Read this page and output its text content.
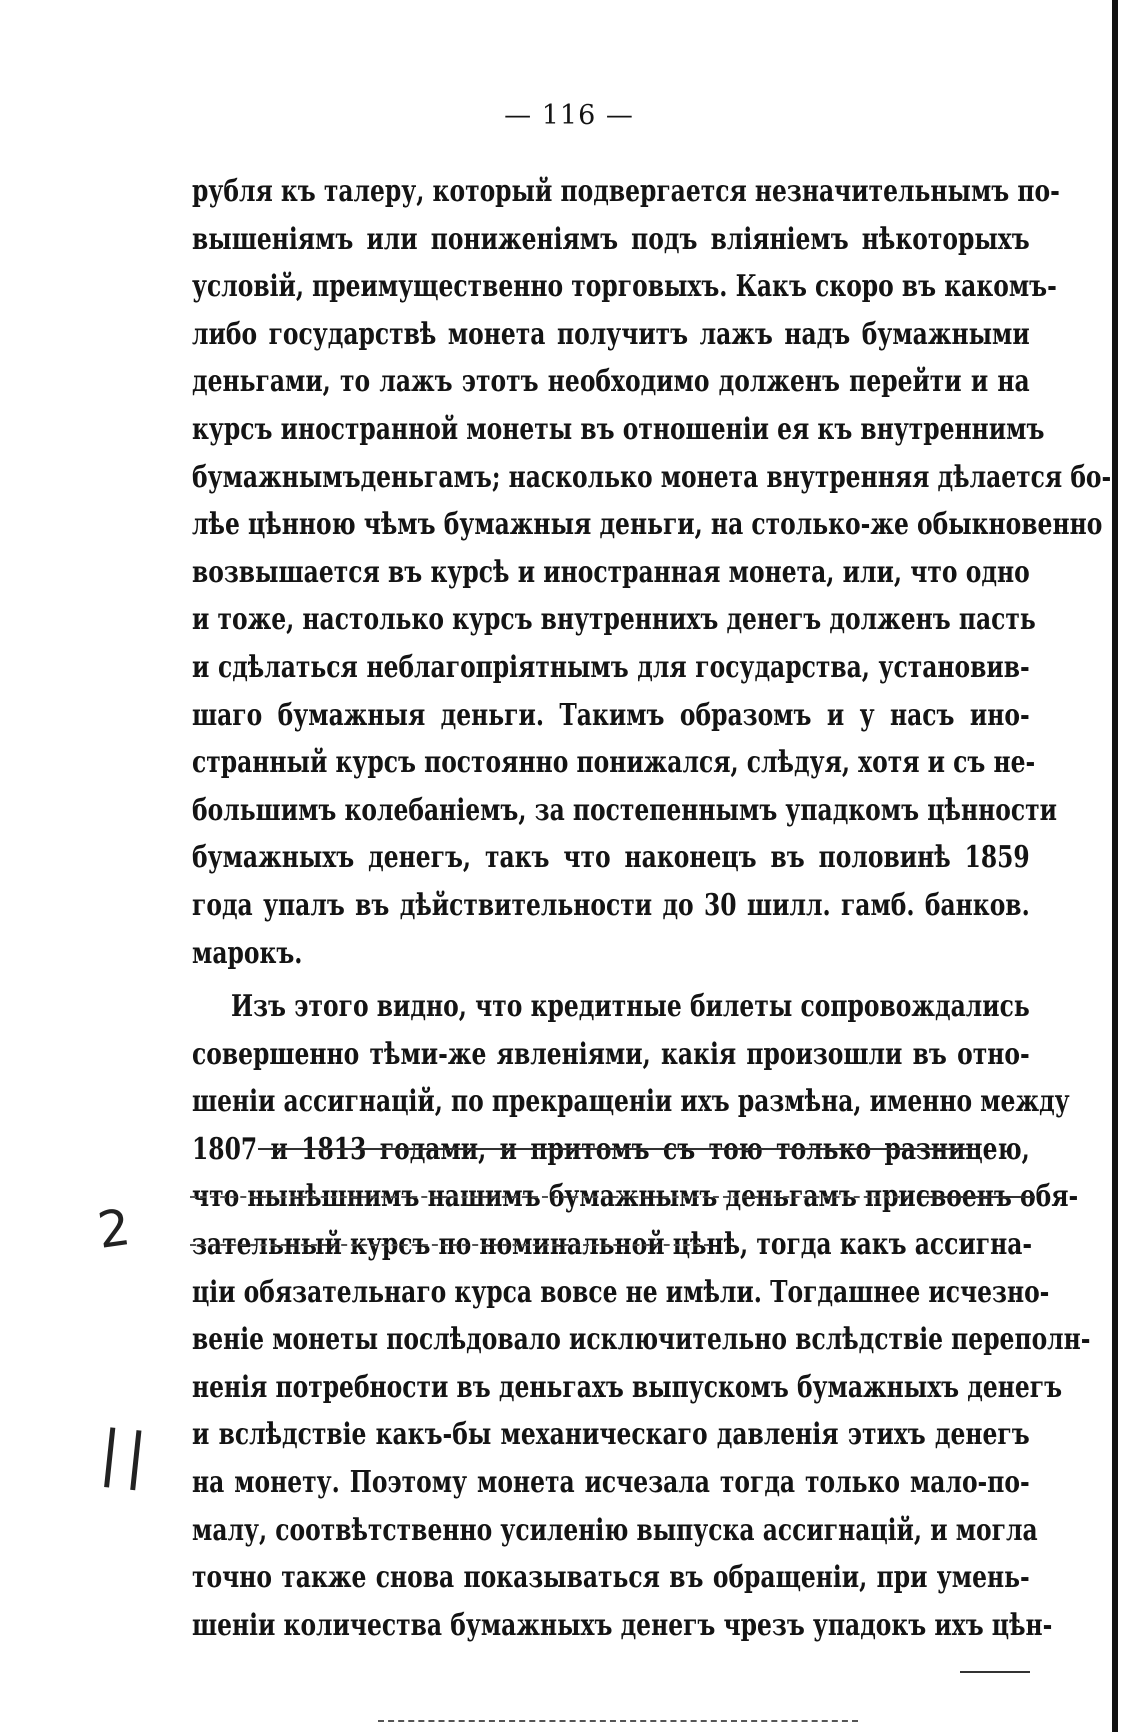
— 116 —
рубля къ талеру, который подвергается незначительнымъ по-
вышеніямъ или пониженіямъ подъ вліяніемъ нѣкоторыхъ
условій, преимущественно торговыхъ. Какъ скоро въ какомъ-
либо государствѣ монета получитъ лажъ надъ бумажными
деньгами, то лажъ этотъ необходимо долженъ перейти и на
курсъ иностранной монеты въ отношеніи ея къ внутреннимъ
бумажнымъденьгамъ; насколько монета внутренняя дѣлается бо-
лѣе цѣнною чѣмъ бумажныя деньги, на столько-же обыкновенно
возвышается въ курсѣ и иностранная монета, или, что одно
и тоже, настолько курсъ внутреннихъ денегъ долженъ пасть
и сдѣлаться неблагопріятнымъ для государства, установив-
шаго бумажныя деньги. Такимъ образомъ и у насъ ино-
странный курсъ постоянно понижался, слѣдуя, хотя и съ не-
большимъ колебаніемъ, за постепеннымъ упадкомъ цѣнности
бумажныхъ денегъ, такъ что наконецъ въ половинѣ 1859
года упалъ въ дѣйствительности до 30 шилл. гамб. банков.
марокъ.
Изъ этого видно, что кредитные билеты сопровождались
совершенно тѣми-же явленіями, какія произошли въ отно-
шеніи ассигнацій, по прекращеніи ихъ размѣна, именно между
1807 и 1813 годами, и притомъ съ тою только разницею,
что нынѣшнимъ нашимъ бумажнымъ деньгамъ присвоенъ обя-
зательный курсъ по номинальной цѣнѣ, тогда какъ ассигна-
ціи обязательнаго курса вовсе не имѣли. Тогдашнее исчезно-
веніе монеты послѣдовало исключительно вслѣдствіе переполн-
ненія потребности въ деньгахъ выпускомъ бумажныхъ денегъ
и вслѣдствіе какъ-бы механическаго давленія этихъ денегъ
на монету. Поэтому монета исчезала тогда только мало-по-
малу, соотвѣтственно усиленію выпуска ассигнацій, и могла
точно также снова показываться въ обращеніи, при умень-
шеніи количества бумажныхъ денегъ чрезъ упадокъ ихъ цѣн-
2
||
